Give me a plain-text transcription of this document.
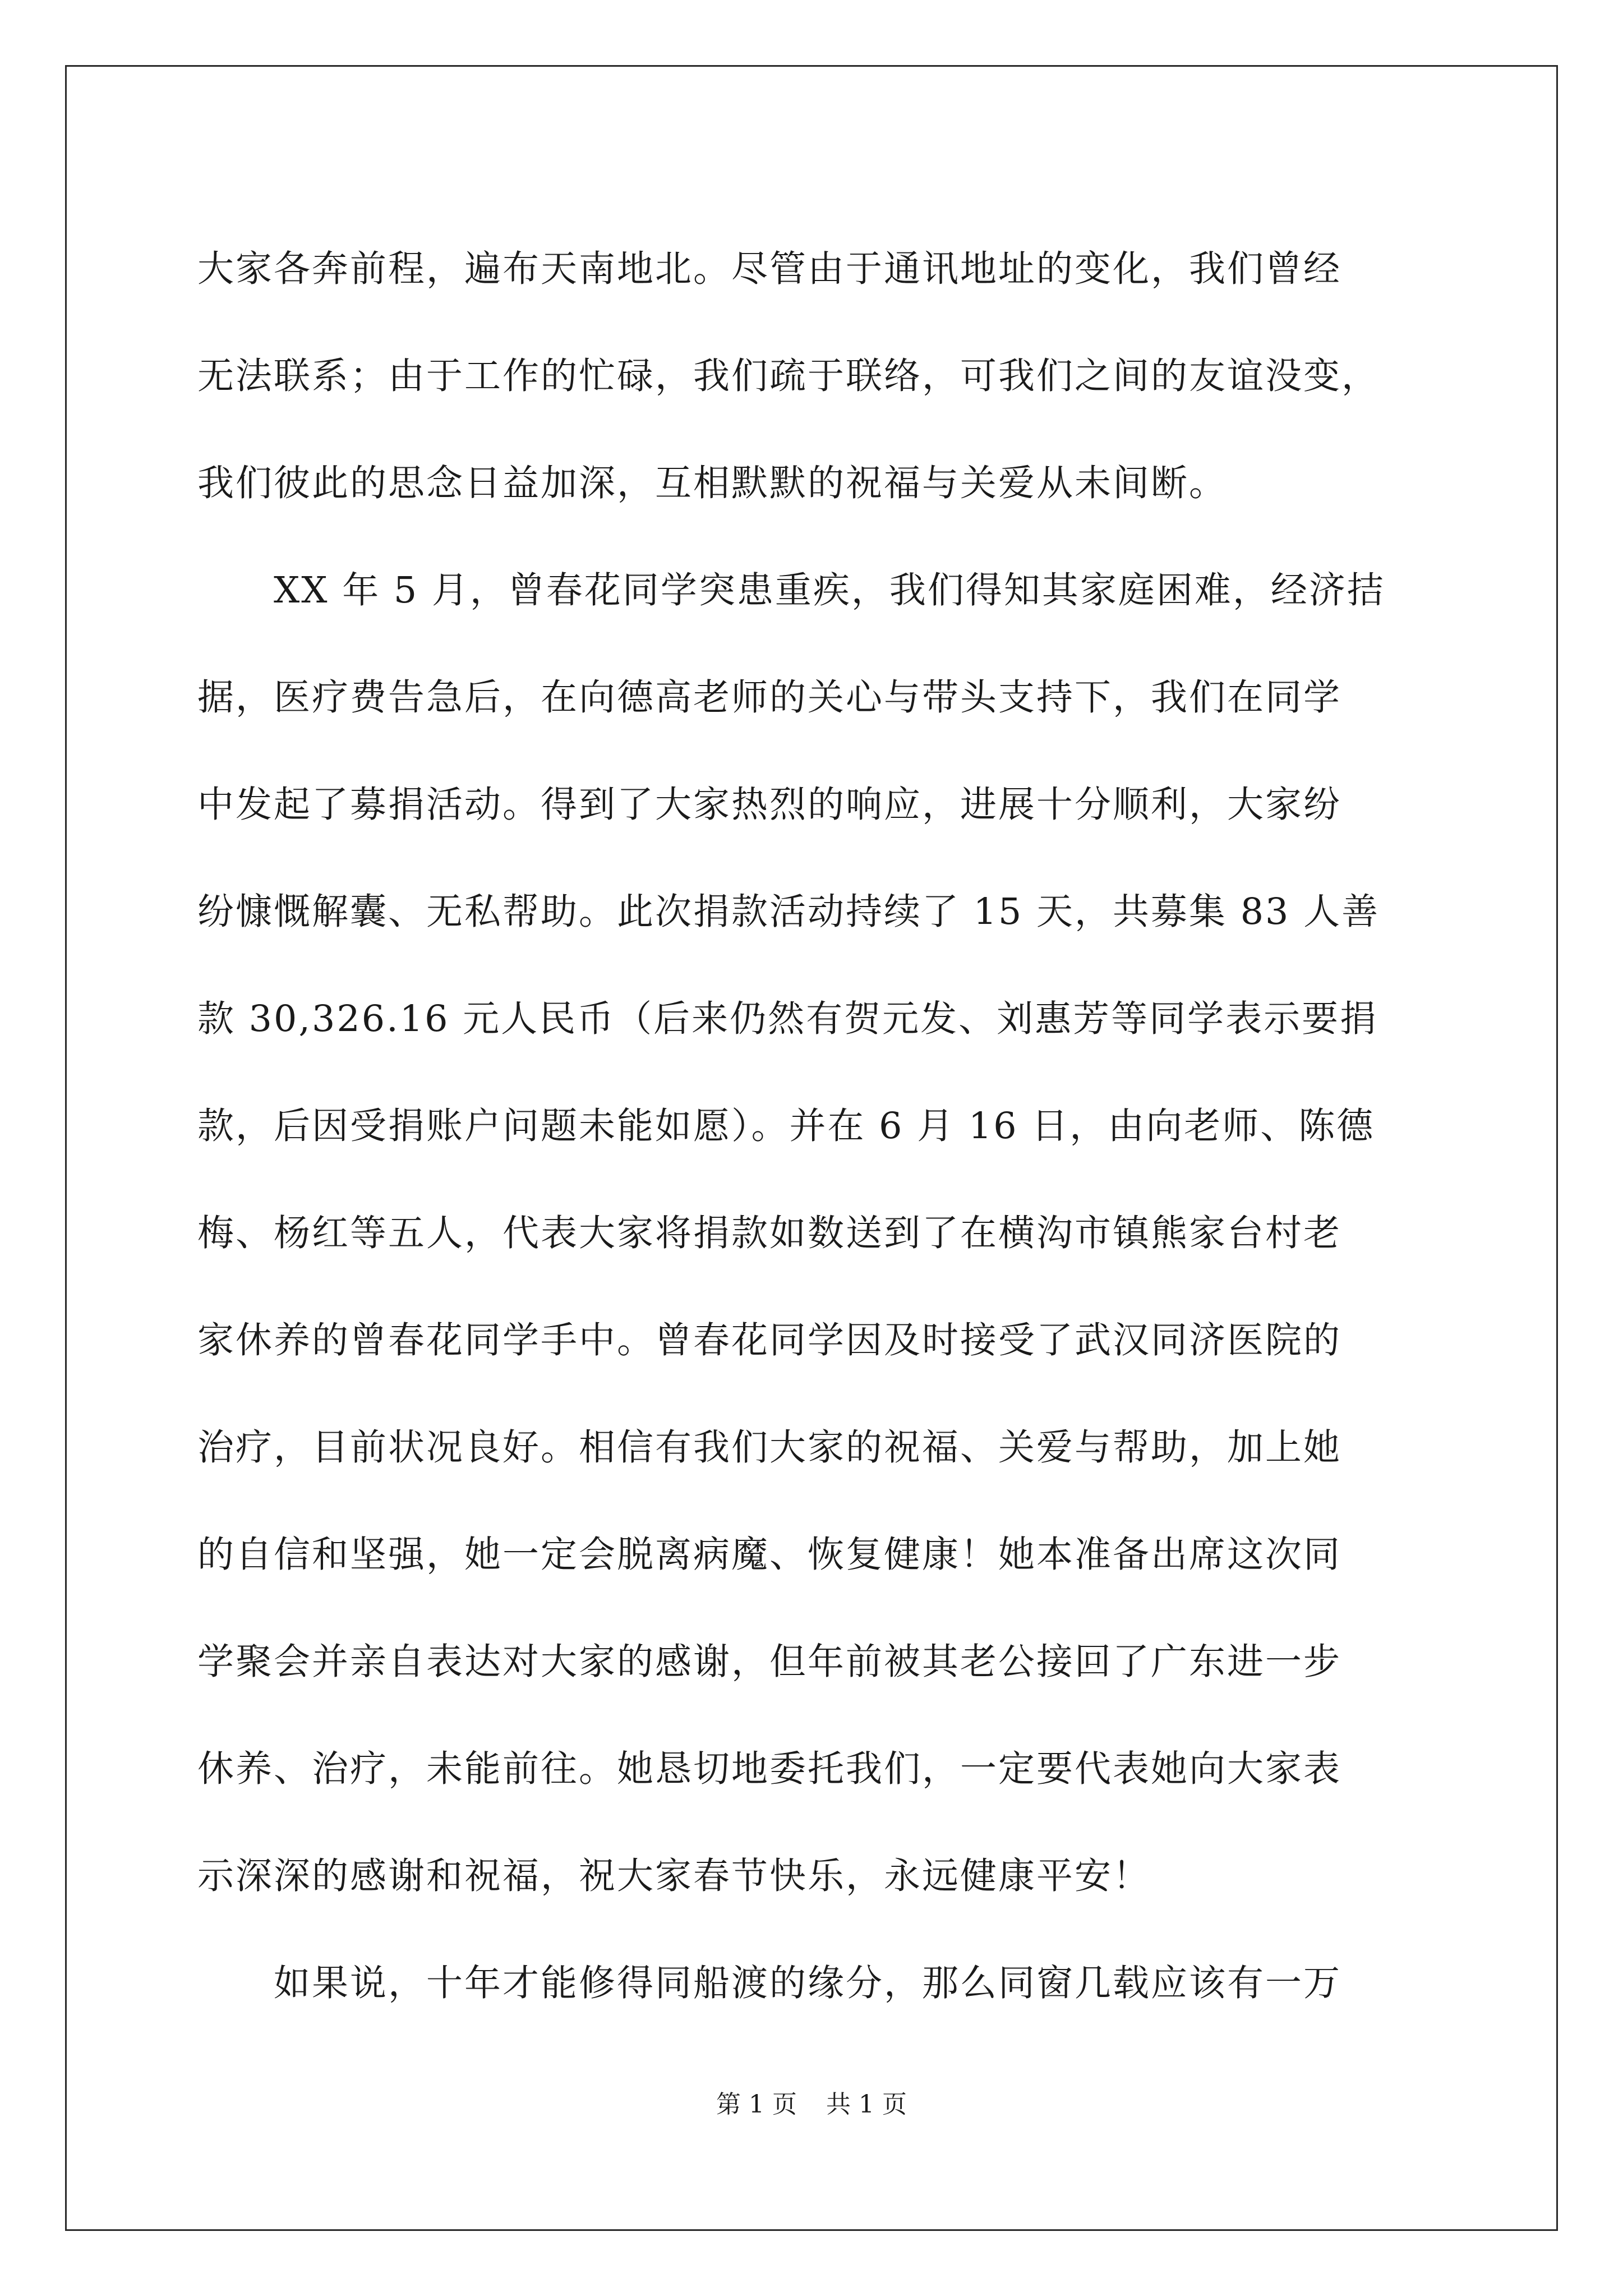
大家各奔前程，遍布天南地北。尽管由于通讯地址的变化，我们曾经
无法联系；由于工作的忙碌，我们疏于联络，可我们之间的友谊没变，
我们彼此的思念日益加深，互相默默的祝福与关爱从未间断。
　　XX 年 5 月，曾春花同学突患重疾，我们得知其家庭困难，经济拮
据，医疗费告急后，在向德高老师的关心与带头支持下，我们在同学
中发起了募捐活动。得到了大家热烈的响应，进展十分顺利，大家纷
纷慷慨解囊、无私帮助。此次捐款活动持续了 15 天，共募集 83 人善
款 30,326.16 元人民币（后来仍然有贺元发、刘惠芳等同学表示要捐
款，后因受捐账户问题未能如愿）。并在 6 月 16 日，由向老师、陈德
梅、杨红等五人，代表大家将捐款如数送到了在横沟市镇熊家台村老
家休养的曾春花同学手中。曾春花同学因及时接受了武汉同济医院的
治疗，目前状况良好。相信有我们大家的祝福、关爱与帮助，加上她
的自信和坚强，她一定会脱离病魔、恢复健康！她本准备出席这次同
学聚会并亲自表达对大家的感谢，但年前被其老公接回了广东进一步
休养、治疗，未能前往。她恳切地委托我们，一定要代表她向大家表
示深深的感谢和祝福，祝大家春节快乐，永远健康平安！
　　如果说，十年才能修得同船渡的缘分，那么同窗几载应该有一万
第 1 页 共 1 页
